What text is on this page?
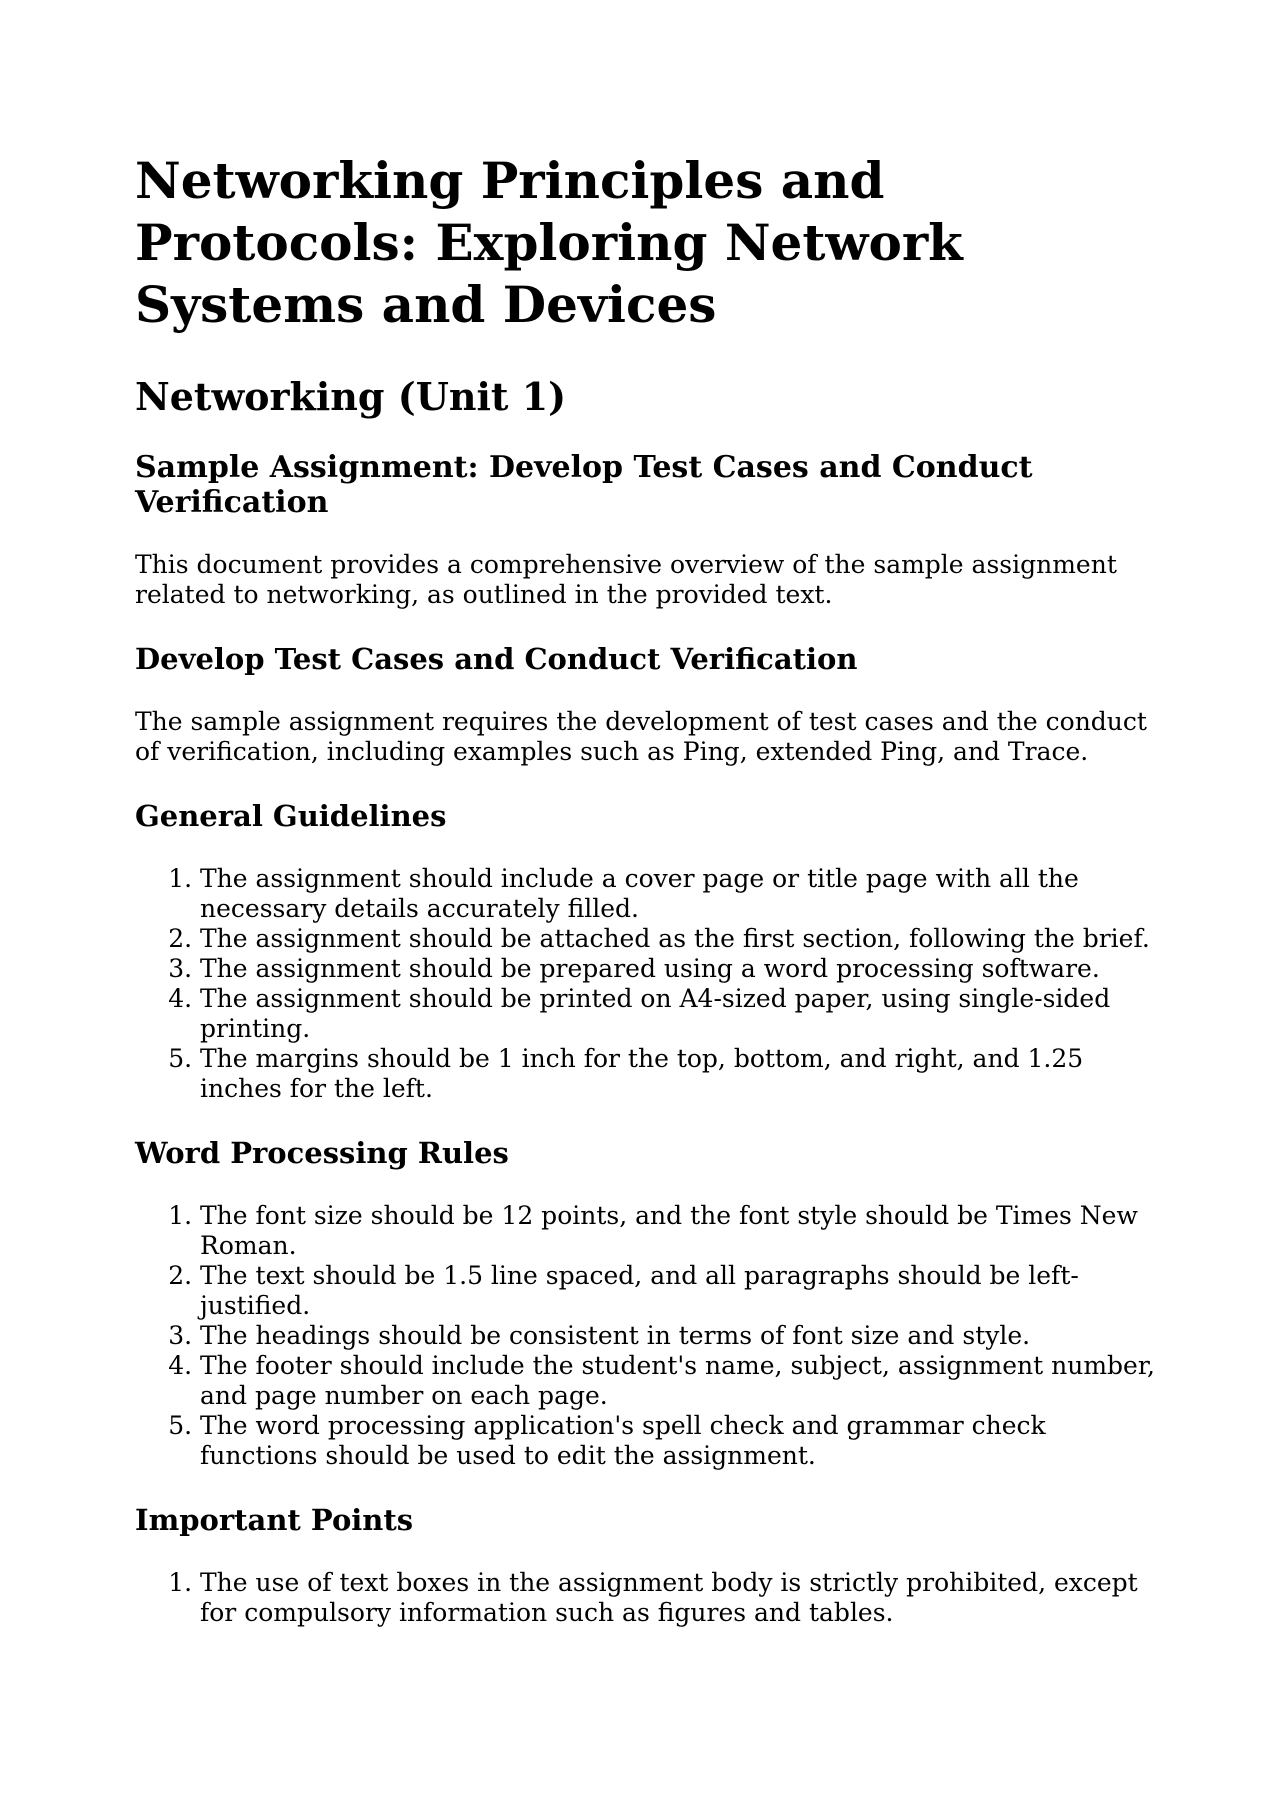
Networking Principles and Protocols: Exploring Network Systems and Devices
Networking (Unit 1)
Sample Assignment: Develop Test Cases and Conduct Verification

This document provides a comprehensive overview of the sample assignment related to networking, as outlined in the provided text.

Develop Test Cases and Conduct Verification

The sample assignment requires the development of test cases and the conduct of verification, including examples such as Ping, extended Ping, and Trace.

General Guidelines
1. The assignment should include a cover page or title page with all the necessary details accurately filled.
2. The assignment should be attached as the first section, following the brief.
3. The assignment should be prepared using a word processing software.
4. The assignment should be printed on A4-sized paper, using single-sided printing.
5. The margins should be 1 inch for the top, bottom, and right, and 1.25 inches for the left.
Word Processing Rules
1. The font size should be 12 points, and the font style should be Times New Roman.
2. The text should be 1.5 line spaced, and all paragraphs should be left-justified.
3. The headings should be consistent in terms of font size and style.
4. The footer should include the student's name, subject, assignment number, and page number on each page.
5. The word processing application's spell check and grammar check functions should be used to edit the assignment.
Important Points
1. The use of text boxes in the assignment body is strictly prohibited, except for compulsory information such as figures and tables.
